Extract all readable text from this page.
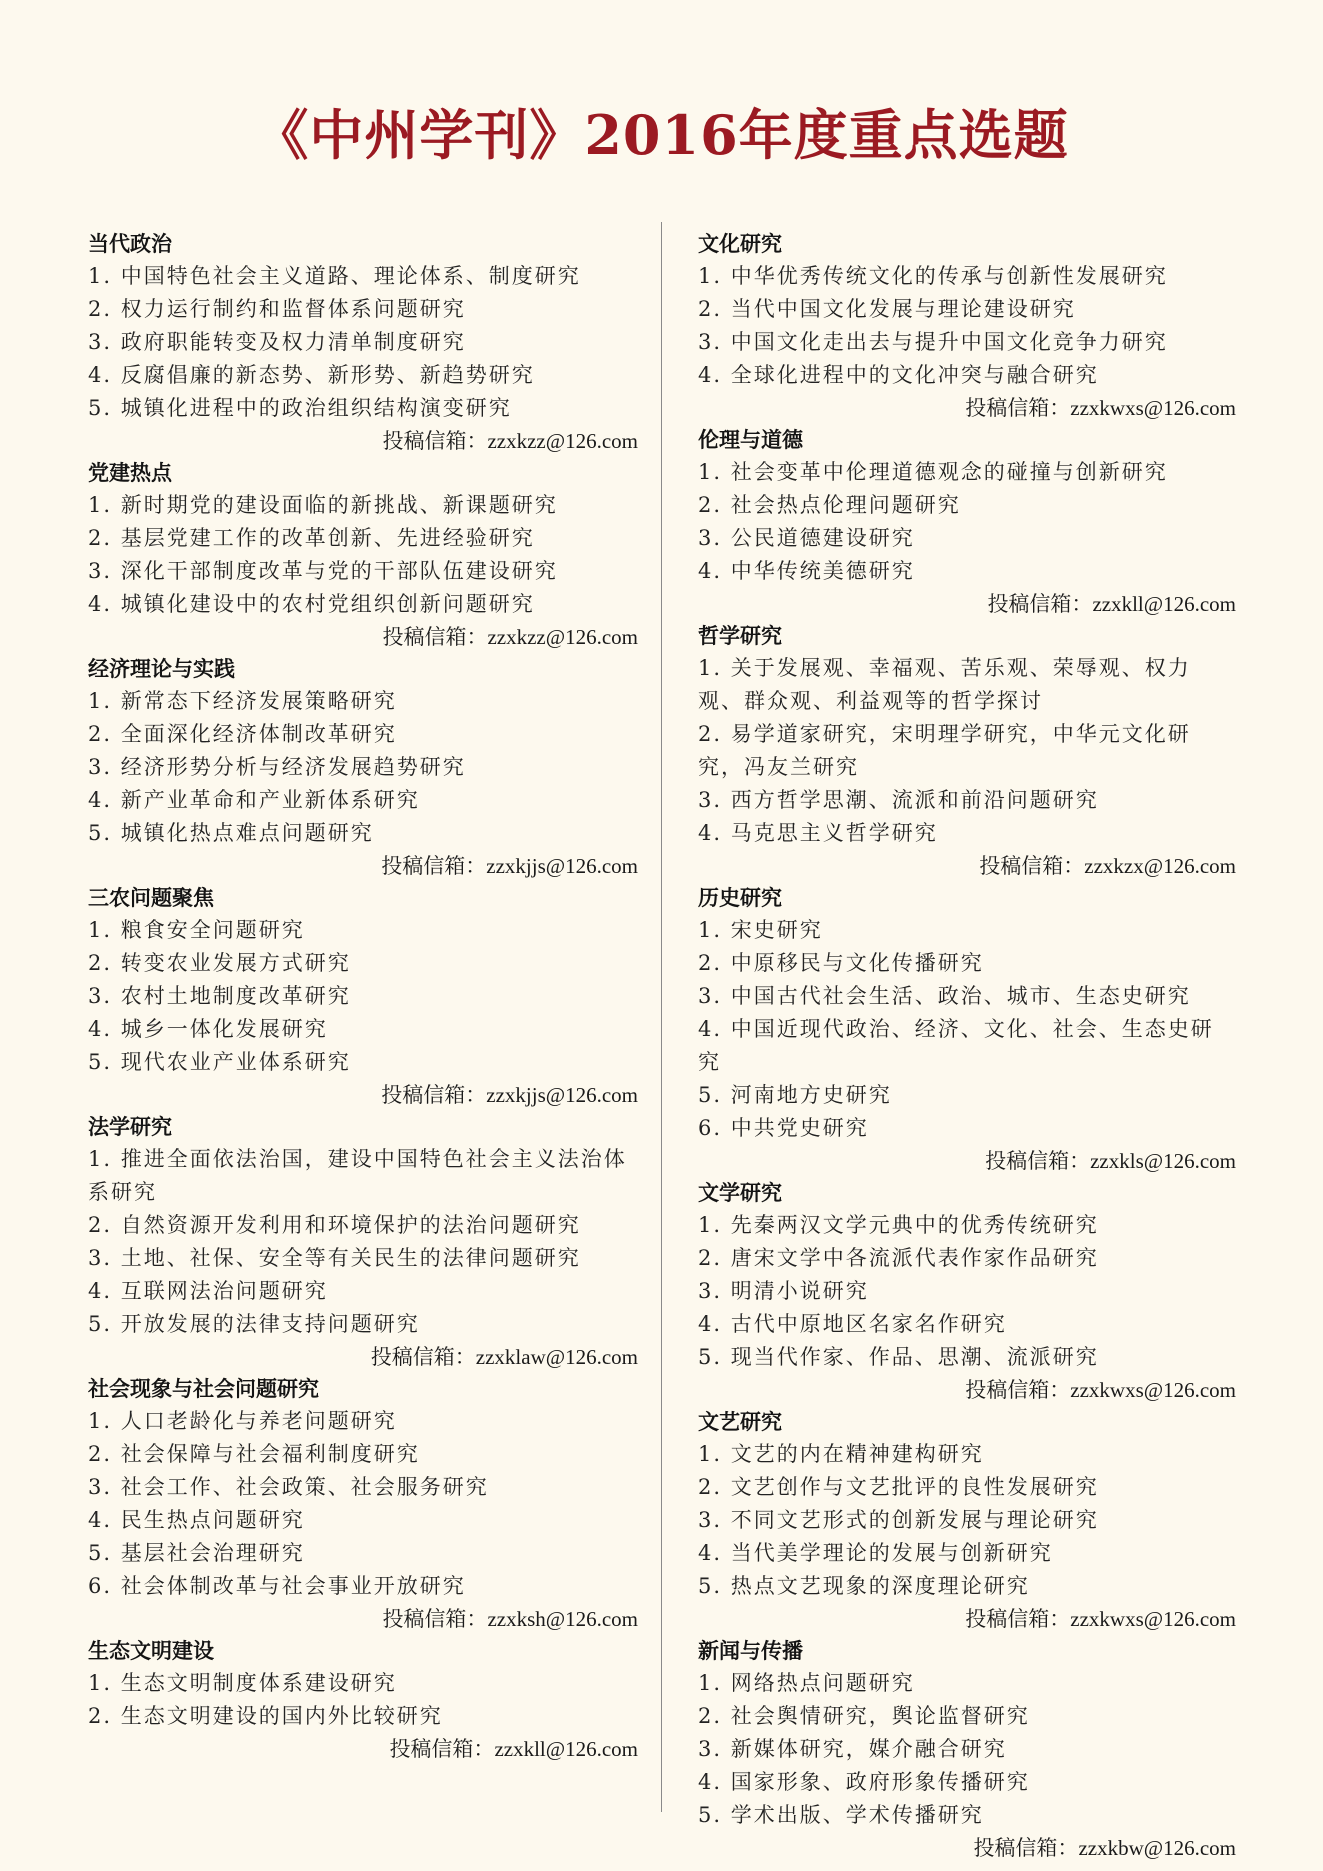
《中州学刊》2016年度重点选题
当代政治
1. 中国特色社会主义道路、理论体系、制度研究
2. 权力运行制约和监督体系问题研究
3. 政府职能转变及权力清单制度研究
4. 反腐倡廉的新态势、新形势、新趋势研究
5. 城镇化进程中的政治组织结构演变研究
投稿信箱：zzxkzz@126.com
党建热点
1. 新时期党的建设面临的新挑战、新课题研究
2. 基层党建工作的改革创新、先进经验研究
3. 深化干部制度改革与党的干部队伍建设研究
4. 城镇化建设中的农村党组织创新问题研究
投稿信箱：zzxkzz@126.com
经济理论与实践
1. 新常态下经济发展策略研究
2. 全面深化经济体制改革研究
3. 经济形势分析与经济发展趋势研究
4. 新产业革命和产业新体系研究
5. 城镇化热点难点问题研究
投稿信箱：zzxkjjs@126.com
三农问题聚焦
1. 粮食安全问题研究
2. 转变农业发展方式研究
3. 农村土地制度改革研究
4. 城乡一体化发展研究
5. 现代农业产业体系研究
投稿信箱：zzxkjjs@126.com
法学研究
1. 推进全面依法治国，建设中国特色社会主义法治体系研究
2. 自然资源开发利用和环境保护的法治问题研究
3. 土地、社保、安全等有关民生的法律问题研究
4. 互联网法治问题研究
5. 开放发展的法律支持问题研究
投稿信箱：zzxklaw@126.com
社会现象与社会问题研究
1. 人口老龄化与养老问题研究
2. 社会保障与社会福利制度研究
3. 社会工作、社会政策、社会服务研究
4. 民生热点问题研究
5. 基层社会治理研究
6. 社会体制改革与社会事业开放研究
投稿信箱：zzxksh@126.com
生态文明建设
1. 生态文明制度体系建设研究
2. 生态文明建设的国内外比较研究
投稿信箱：zzxkll@126.com
文化研究
1. 中华优秀传统文化的传承与创新性发展研究
2. 当代中国文化发展与理论建设研究
3. 中国文化走出去与提升中国文化竞争力研究
4. 全球化进程中的文化冲突与融合研究
投稿信箱：zzxkwxs@126.com
伦理与道德
1. 社会变革中伦理道德观念的碰撞与创新研究
2. 社会热点伦理问题研究
3. 公民道德建设研究
4. 中华传统美德研究
投稿信箱：zzxkll@126.com
哲学研究
1. 关于发展观、幸福观、苦乐观、荣辱观、权力观、群众观、利益观等的哲学探讨
2. 易学道家研究，宋明理学研究，中华元文化研究，冯友兰研究
3. 西方哲学思潮、流派和前沿问题研究
4. 马克思主义哲学研究
投稿信箱：zzxkzx@126.com
历史研究
1. 宋史研究
2. 中原移民与文化传播研究
3. 中国古代社会生活、政治、城市、生态史研究
4. 中国近现代政治、经济、文化、社会、生态史研究
5. 河南地方史研究
6. 中共党史研究
投稿信箱：zzxkls@126.com
文学研究
1. 先秦两汉文学元典中的优秀传统研究
2. 唐宋文学中各流派代表作家作品研究
3. 明清小说研究
4. 古代中原地区名家名作研究
5. 现当代作家、作品、思潮、流派研究
投稿信箱：zzxkwxs@126.com
文艺研究
1. 文艺的内在精神建构研究
2. 文艺创作与文艺批评的良性发展研究
3. 不同文艺形式的创新发展与理论研究
4. 当代美学理论的发展与创新研究
5. 热点文艺现象的深度理论研究
投稿信箱：zzxkwxs@126.com
新闻与传播
1. 网络热点问题研究
2. 社会舆情研究，舆论监督研究
3. 新媒体研究，媒介融合研究
4. 国家形象、政府形象传播研究
5. 学术出版、学术传播研究
投稿信箱：zzxkbw@126.com
